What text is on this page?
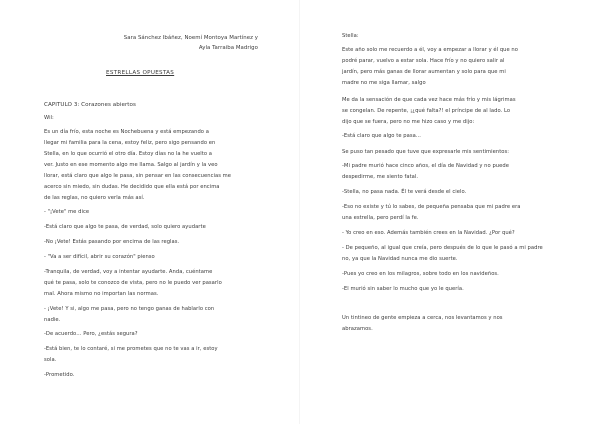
Sara Sánchez Ibáñez, Noemí Montoya Martínez y

Ayla Tarraiba Madrigo

ESTRELLAS OPUESTAS

CAPITULO 3: Corazones abiertos

Wil:

Es un día frío, esta noche es Nochebuena y está empezando a

llegar mi familia para la cena, estoy feliz, pero sigo pensando en

Stella, en lo que ocurrió el otro día. Estoy días no la he vuelto a

ver. Justo en ese momento algo me llama. Salgo al jardín y la veo

llorar, está claro que algo le pasa, sin pensar en las consecuencias me

acerco sin miedo, sin dudas. He decidido que ella está por encima

de las reglas, no quiero verla más así.

- "¡Vete" me dice

-Está claro que algo te pasa, de verdad, solo quiero ayudarte

-No ¡Vete! Estás pasando por encima de las reglas.

- "Va a ser difícil, abrir su corazón" pienso

-Tranquila, de verdad, voy a intentar ayudarte. Anda, cuéntame

qué te pasa, solo te conozco de vista, pero no le puedo ver pasarlo

mal. Ahora mismo no importan las normas.

- ¡Vete! Y si, algo me pasa, pero no tengo ganas de hablarlo con

nadie.

-De acuerdo… Pero, ¿estás segura?

-Está bien, te lo contaré, si me prometes que no te vas a ir, estoy

sola.

-Prometido.

Stella:

Este año solo me recuerdo a él, voy a empezar a llorar y él que no

podré parar, vuelvo a estar sola. Hace frío y no quiero salir al

jardín, pero más ganas de llorar aumentan y solo para que mi

madre no me siga llamar, salgo

Me da la sensación de que cada vez hace más frío y mis lágrimas

se congelan. De repente, ¡¿qué falta?! el príncipe de al lado. Lo

dijo que se fuera, pero no me hizo caso y me dijo:

-Está claro que algo te pasa…

Se puso tan pesado que tuve que expresarle mis sentimientos:

-Mi padre murió hace cinco años, el día de Navidad y no puede

despedirme, me siento fatal.

-Stella, no pasa nada. Él te verá desde el cielo.

-Eso no existe y tú lo sabes, de pequeña pensaba que mi padre era

una estrella, pero perdí la fe.

- Yo creo en eso. Además también crees en la Navidad. ¿Por qué?

- De pequeño, al igual que creía, pero después de lo que le pasó a mi padre

no, ya que la Navidad nunca me dio suerte.

-Pues yo creo en los milagros, sobre todo en los navideños.

-El murió sin saber lo mucho que yo le quería.

Un tintineo de gente empieza a cerca, nos levantamos y nos

abrazamos.
